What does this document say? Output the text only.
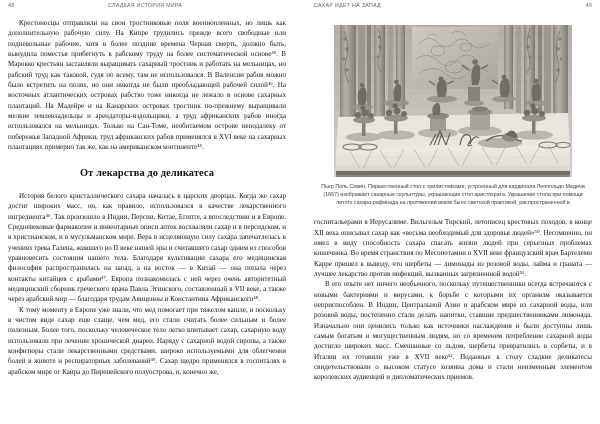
48	СЛАДКАЯ ИСТОРИЯ МИРА

Крестоносцы отправляли на свои тростниковые поля военнопленных, но лишь как дополнительную рабочую силу. На Кипре трудились прежде всего свободные или подневольные рабочие, хотя в более поздние времена Черная смерть, должно быть, вынудила поместья прибегнуть к рабскому труду на более систематической основе⁴⁵. В Марокко крестьян заставляли выращивать сахарный тростник и работать на мельницах, но рабский труд как таковой, судя по всему, там не использовался. В Валенсии рабов можно было встретить на полях, но они никогда не были преобладающей рабочей силой⁴⁶. На восточных атлантических островах рабство тоже никогда не лежало в основе сахарных плантаций. На Мадейре и на Канарских островах тростник по-прежнему выращивали мелкие землевладельцы и арендаторы-издольщики, а труд африканских рабов иногда использовался на мельницах. Только на Сан-Томе, необитаемом острове неподалеку от побережья Западной Африки, труд африканских рабов применялся в XVI веке на сахарных плантациях примерно так же, как на американском континенте⁴⁵.

От лекарства до деликатеса

История белого кристаллического сахара началась в царских дворцах. Когда же сахар достиг широких масс, он, как правило, использовался в качестве лекарственного ингредиента⁴⁶. Так произошло в Индии, Персии, Китае, Египте, а впоследствии и в Европе. Средневековые фармакопеи и инвентарные описи аптек восхваляли сахар и в персидском, и в христианском, и в мусульманском мире. Вера в исцеляющую силу сахара запечатлелась в учениях грека Галена, жившего во II веке нашей эры и считавшего сахар одним из способов уравновесить состояния нашего тела. Благодаря культивации сахара его медицинская философия распространилась на запад, а на восток — в Китай — она попала через контакты китайцев с арабами⁴⁷. Европа познакомилась с ней через очень авторитетный медицинский сборник греческого врача Павла Эгинского, составленный в VII веке, а также через арабский мир — благодаря трудам Авиценны и Константина Африканского⁴⁸.

К тому моменту в Европе уже знали, что мед помогает при тяжелом кашле, и поскольку в чистом виде сахар еще слаще, чем мед, его стали считать более сильным и более полезным. Более того, поскольку человеческое тело легко впитывает сахар, сахарную воду использовали при лечении хронической диареи. Наряду с сахарной водой сиропы, а также конфитюры стали лекарственными средствами, широко используемыми для облегчения болей в животе и респираторных заболеваний⁴⁹. Сахар щедро применялся в госпиталях в арабском мире от Каира до Пиренейского полуострова, и, конечно же,

САХАР ИДЕТ НА ЗАПАД	49
Пьер Поль Севин. Пиршественный стол с трилистниками, устроенный для кардинала Леопольдо Медичи (1667) изображает сахарные скульптуры, украшающие стол аристократа. Украшение стола при помощи литого сахара-рафинада на протяжении веков было светской практикой, распространенной в

госпитальерами в Иерусалиме. Вильгельм Тирский, летописец крестовых походов, в конце XII века описывал сахар как «весьма необходимый для здоровья людей»⁵⁰. Несомненно, он имел в виду способность сахара спасать жизни людей при серьезных проблемах кишечника. Во время странствия по Месопотамии в XVII веке французский врач Бартелеми Карре пришел к выводу, что шербеты — лимонады из розовой воды, лайма и граната — лучшее лекарство против инфекций, вызванных загрязненной водой⁵¹.

В его опыте нет ничего необычного, поскольку путешественники всегда встречаются с новыми бактериями и вирусами, к борьбе с которыми их организм оказывается неприспособлен. В Индии, Центральной Азии и арабском мире из сахарной воды, или розовой воды, постепенно стали делать напитки, ставшие предшественниками лимонада. Изначально они ценились только как источники наслаждения и были доступны лишь самым богатым и могущественным людям, но со временем потребление сахарной воды достигло широких масс. Смешанные со льдом, шербеты превратились в сорбеты, и в Италии их готовили уже в XVII веке⁵². Поданные к столу сладкие деликатесы свидетельствовали о высоком статусе хозяина дома и стали неизменным элементом королевских аудиенций и дипломатических приемов.
